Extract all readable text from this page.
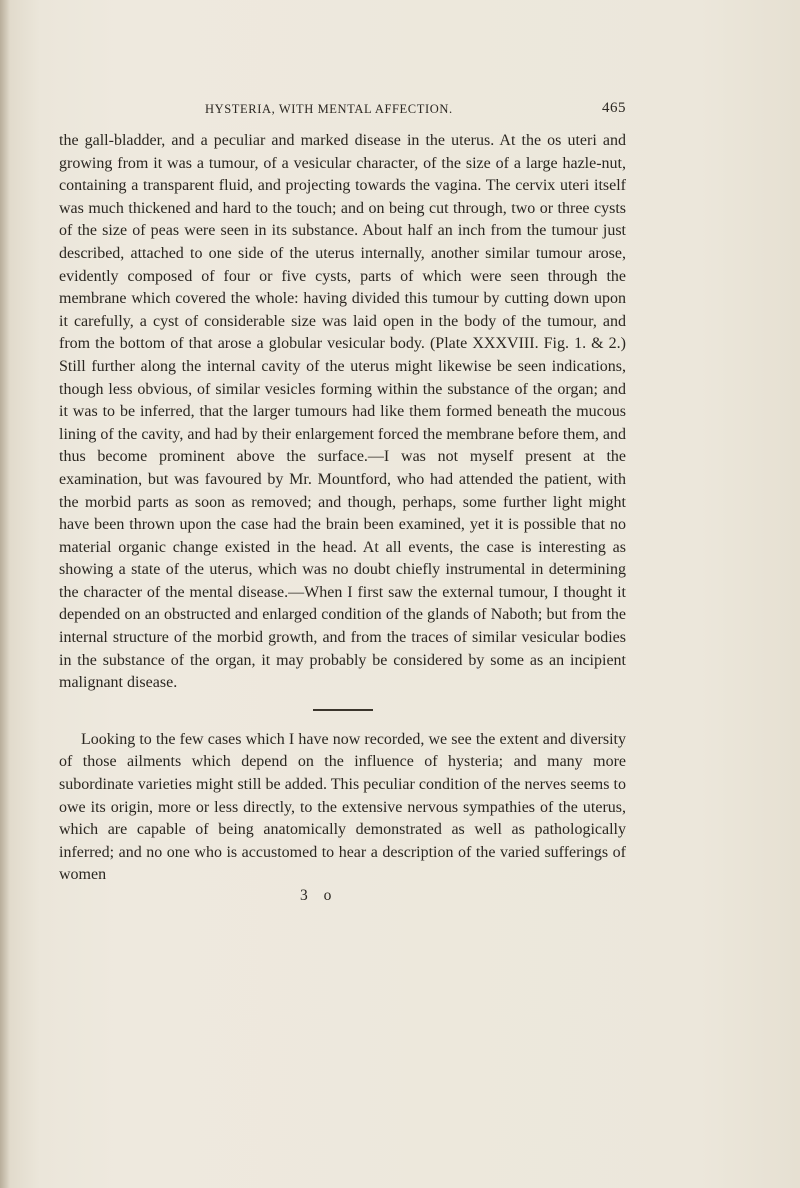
HYSTERIA, WITH MENTAL AFFECTION.	465

the gall-bladder, and a peculiar and marked disease in the uterus. At the os uteri and growing from it was a tumour, of a vesicular character, of the size of a large hazle-nut, containing a transparent fluid, and projecting towards the vagina. The cervix uteri itself was much thickened and hard to the touch; and on being cut through, two or three cysts of the size of peas were seen in its substance. About half an inch from the tumour just described, attached to one side of the uterus internally, another similar tumour arose, evidently composed of four or five cysts, parts of which were seen through the membrane which covered the whole: having divided this tumour by cutting down upon it carefully, a cyst of considerable size was laid open in the body of the tumour, and from the bottom of that arose a globular vesicular body. (Plate XXXVIII. Fig. 1. & 2.) Still further along the internal cavity of the uterus might likewise be seen indications, though less obvious, of similar vesicles forming within the substance of the organ; and it was to be inferred, that the larger tumours had like them formed beneath the mucous lining of the cavity, and had by their enlargement forced the membrane before them, and thus become prominent above the surface.—I was not myself present at the examination, but was favoured by Mr. Mountford, who had attended the patient, with the morbid parts as soon as removed; and though, perhaps, some further light might have been thrown upon the case had the brain been examined, yet it is possible that no material organic change existed in the head. At all events, the case is interesting as showing a state of the uterus, which was no doubt chiefly instrumental in determining the character of the mental disease.—When I first saw the external tumour, I thought it depended on an obstructed and enlarged condition of the glands of Naboth; but from the internal structure of the morbid growth, and from the traces of similar vesicular bodies in the substance of the organ, it may probably be considered by some as an incipient malignant disease.

Looking to the few cases which I have now recorded, we see the extent and diversity of those ailments which depend on the influence of hysteria; and many more subordinate varieties might still be added. This peculiar condition of the nerves seems to owe its origin, more or less directly, to the extensive nervous sympathies of the uterus, which are capable of being anatomically demonstrated as well as pathologically inferred; and no one who is accustomed to hear a description of the varied sufferings of women

3 o
